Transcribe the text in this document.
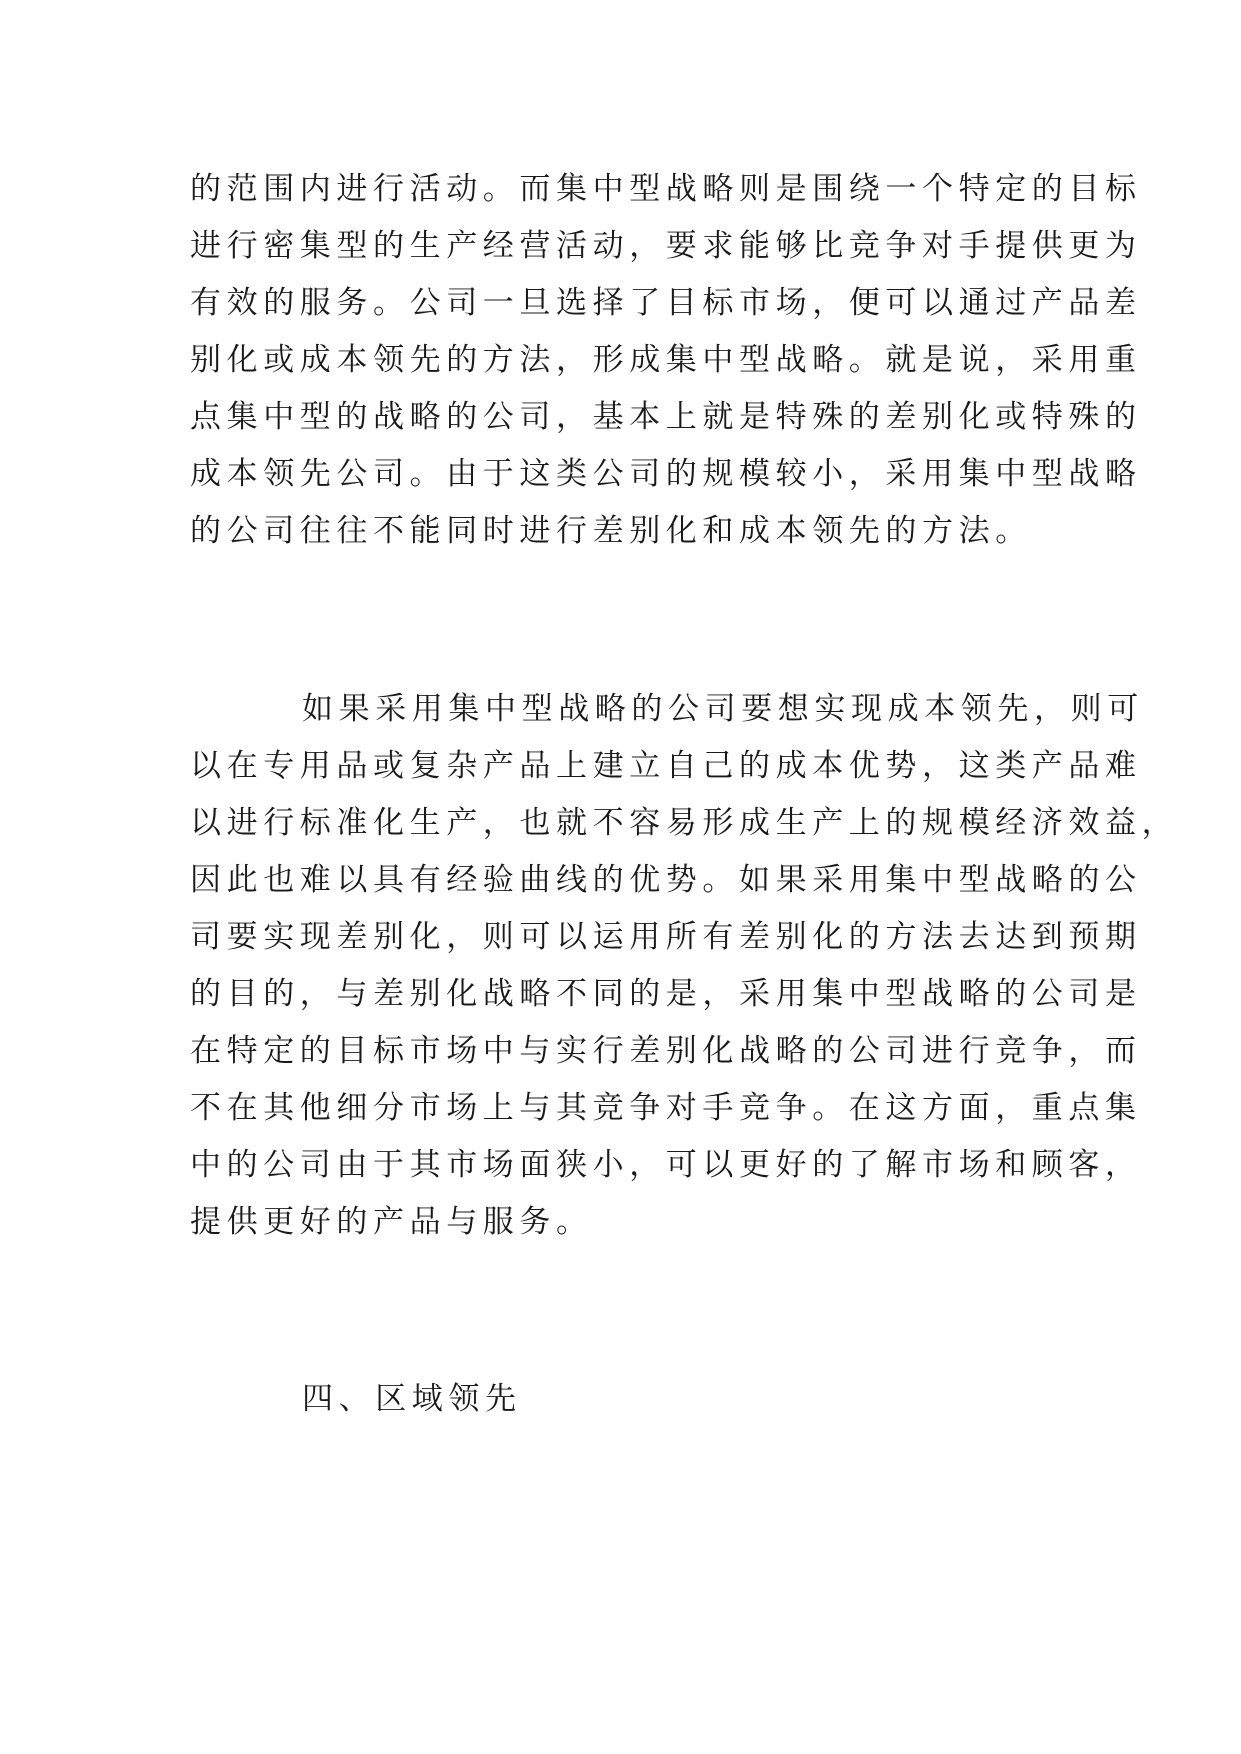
的范围内进行活动。而集中型战略则是围绕一个特定的目标
进行密集型的生产经营活动，要求能够比竞争对手提供更为
有效的服务。公司一旦选择了目标市场，便可以通过产品差
别化或成本领先的方法，形成集中型战略。就是说，采用重
点集中型的战略的公司，基本上就是特殊的差别化或特殊的
成本领先公司。由于这类公司的规模较小，采用集中型战略
的公司往往不能同时进行差别化和成本领先的方法。
如果采用集中型战略的公司要想实现成本领先，则可
以在专用品或复杂产品上建立自己的成本优势，这类产品难
以进行标准化生产，也就不容易形成生产上的规模经济效益，
因此也难以具有经验曲线的优势。如果采用集中型战略的公
司要实现差别化，则可以运用所有差别化的方法去达到预期
的目的，与差别化战略不同的是，采用集中型战略的公司是
在特定的目标市场中与实行差别化战略的公司进行竞争，而
不在其他细分市场上与其竞争对手竞争。在这方面，重点集
中的公司由于其市场面狭小，可以更好的了解市场和顾客，
提供更好的产品与服务。
四、区域领先
